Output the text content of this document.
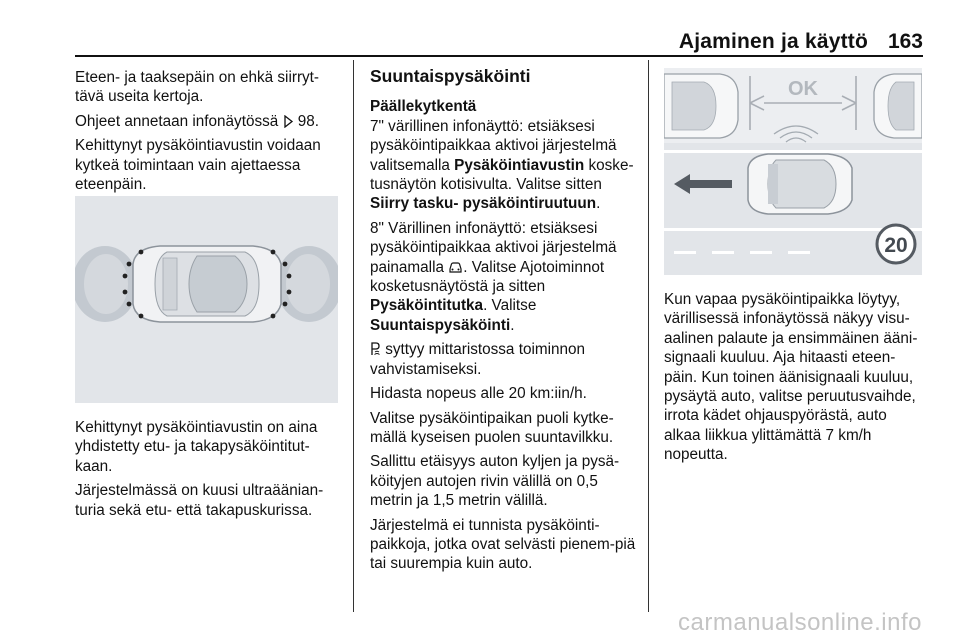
Ajaminen ja käyttö 163

Eteen- ja taaksepäin on ehkä siirryt-tävä useita kertoja.

Ohjeet annetaan infonäytössä  98.

Kehittynyt pysäköintiavustin voidaan kytkeä toimintaan vain ajettaessa eteenpäin.

Kehittynyt pysäköintiavustin on aina yhdistetty etu- ja takapysäköintitut-kaan.

Järjestelmässä on kuusi ultraäänian-turia sekä etu- että takapuskurissa.

Suuntaispysäköinti
Päällekytkentä

7" värillinen infonäyttö: etsiäksesi pysäköintipaikkaa aktivoi järjestelmä valitsemalla Pysäköintiavustin koske-tusnäytön kotisivulta. Valitse sitten Siirry tasku- pysäköintiruutuun.

8" Värillinen infonäyttö: etsiäksesi pysäköintipaikkaa aktivoi järjestelmä painamalla . Valitse Ajotoiminnot kosketusnäytöstä ja sitten Pysäköintitutka. Valitse Suuntaispysäköinti.

syttyy mittaristossa toiminnon vahvistamiseksi.

Hidasta nopeus alle 20 km:iin/h.

Valitse pysäköintipaikan puoli kytke-mällä kyseisen puolen suuntavilkku.

Sallittu etäisyys auton kyljen ja pysä-köityjen autojen rivin välillä on 0,5 metrin ja 1,5 metrin välillä.

Järjestelmä ei tunnista pysäköinti-paikkoja, jotka ovat selvästi pienem-piä tai suurempia kuin auto.

OK
20

Kun vapaa pysäköintipaikka löytyy, värillisessä infonäytössä näkyy visu-aalinen palaute ja ensimmäinen ääni-signaali kuuluu. Aja hitaasti eteen-päin. Kun toinen äänisignaali kuuluu, pysäytä auto, valitse peruutusvaihde, irrota kädet ohjauspyörästä, auto alkaa liikkua ylittämättä 7 km/h nopeutta.

carmanualsonline.info
